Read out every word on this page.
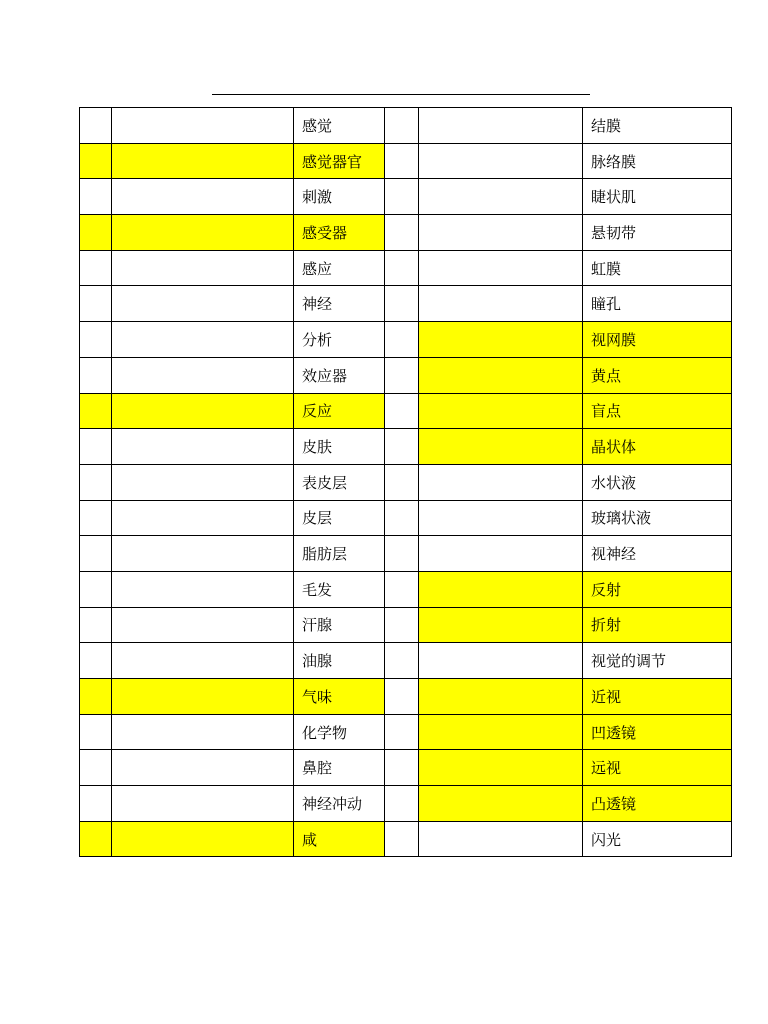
		感觉			结膜
		感觉器官			脉络膜
		刺激			睫状肌
		感受器			悬韧带
		感应			虹膜
		神经			瞳孔
		分析			视网膜
		效应器			黄点
		反应			盲点
		皮肤			晶状体
		表皮层			水状液
		皮层			玻璃状液
		脂肪层			视神经
		毛发			反射
		汗腺			折射
		油腺			视觉的调节
		气味			近视
		化学物			凹透镜
		鼻腔			远视
		神经冲动			凸透镜
		咸			闪光
